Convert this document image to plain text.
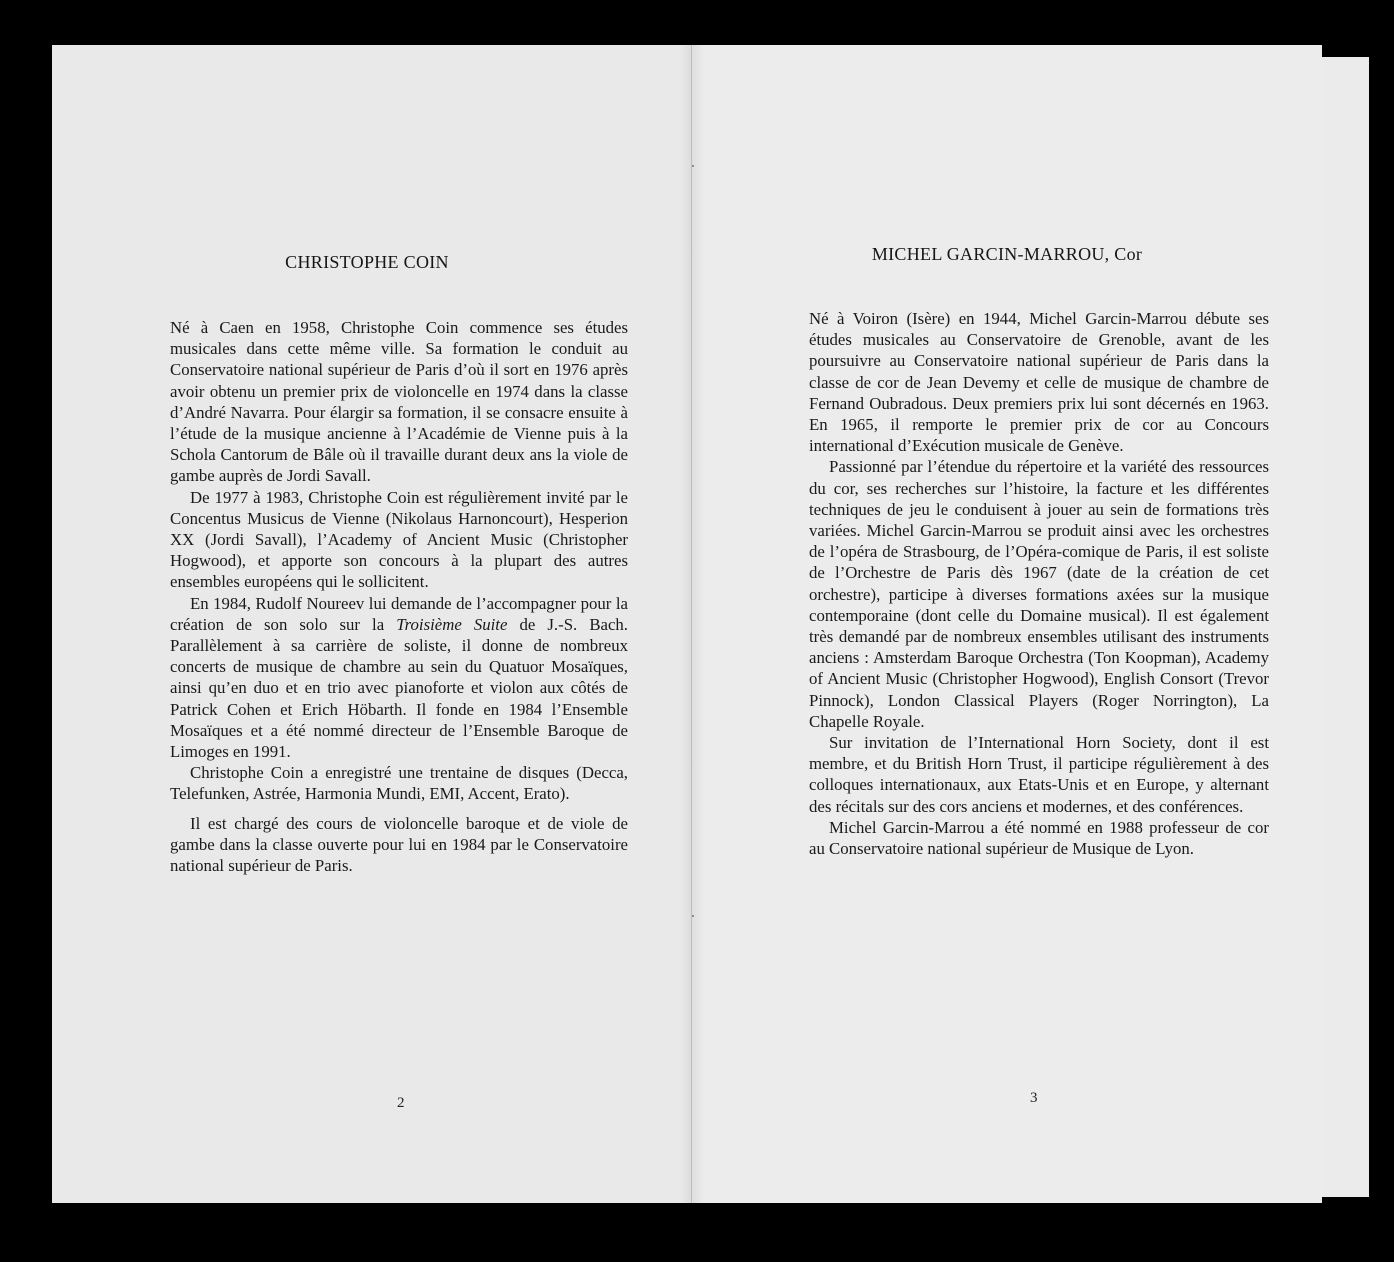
CHRISTOPHE COIN

Né à Caen en 1958, Christophe Coin commence ses études musicales dans cette même ville. Sa formation le conduit au Conservatoire national supérieur de Paris d’où il sort en 1976 après avoir obtenu un premier prix de violoncelle en 1974 dans la classe d’André Navarra. Pour élargir sa formation, il se consacre ensuite à l’étude de la musique ancienne à l’Académie de Vienne puis à la Schola Cantorum de Bâle où il travaille durant deux ans la viole de gambe auprès de Jordi Savall.

De 1977 à 1983, Christophe Coin est régulièrement invité par le Concentus Musicus de Vienne (Nikolaus Harnoncourt), Hesperion XX (Jordi Savall), l’Academy of Ancient Music (Christopher Hogwood), et apporte son concours à la plupart des autres ensembles européens qui le sollicitent.

En 1984, Rudolf Noureev lui demande de l’accompagner pour la création de son solo sur la Troisième Suite de J.-S. Bach. Parallèlement à sa carrière de soliste, il donne de nombreux concerts de musique de chambre au sein du Quatuor Mosaïques, ainsi qu’en duo et en trio avec pianoforte et violon aux côtés de Patrick Cohen et Erich Höbarth. Il fonde en 1984 l’Ensemble Mosaïques et a été nommé directeur de l’Ensemble Baroque de Limoges en 1991.

Christophe Coin a enregistré une trentaine de disques (Decca, Telefunken, Astrée, Harmonia Mundi, EMI, Accent, Erato).

Il est chargé des cours de violoncelle baroque et de viole de gambe dans la classe ouverte pour lui en 1984 par le Conservatoire national supérieur de Paris.

2
MICHEL GARCIN-MARROU, Cor

Né à Voiron (Isère) en 1944, Michel Garcin-Marrou débute ses études musicales au Conservatoire de Grenoble, avant de les poursuivre au Conservatoire national supérieur de Paris dans la classe de cor de Jean Devemy et celle de musique de chambre de Fernand Oubradous. Deux premiers prix lui sont décernés en 1963. En 1965, il remporte le premier prix de cor au Concours international d’Exécution musicale de Genève.

Passionné par l’étendue du répertoire et la variété des ressources du cor, ses recherches sur l’histoire, la facture et les différentes techniques de jeu le conduisent à jouer au sein de formations très variées. Michel Garcin-Marrou se produit ainsi avec les orchestres de l’opéra de Strasbourg, de l’Opéra-comique de Paris, il est soliste de l’Orchestre de Paris dès 1967 (date de la création de cet orchestre), participe à diverses formations axées sur la musique contemporaine (dont celle du Domaine musical). Il est également très demandé par de nombreux ensembles utilisant des instruments anciens : Amsterdam Baroque Orchestra (Ton Koopman), Academy of Ancient Music (Christopher Hogwood), English Consort (Trevor Pinnock), London Classical Players (Roger Norrington), La Chapelle Royale.

Sur invitation de l’International Horn Society, dont il est membre, et du British Horn Trust, il participe régulièrement à des colloques internationaux, aux Etats-Unis et en Europe, y alternant des récitals sur des cors anciens et modernes, et des conférences.

Michel Garcin-Marrou a été nommé en 1988 professeur de cor au Conservatoire national supérieur de Musique de Lyon.

3
